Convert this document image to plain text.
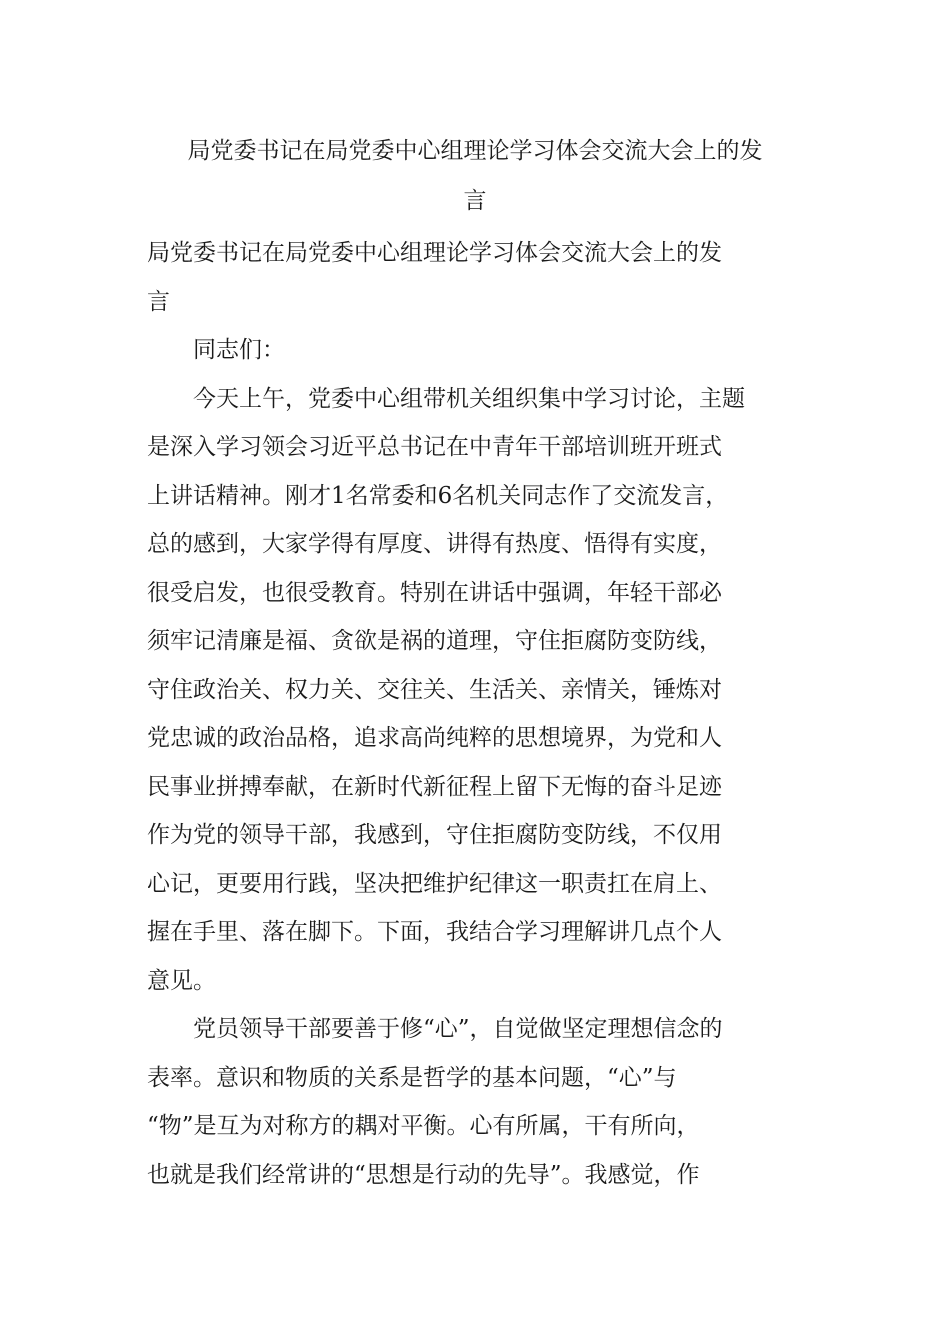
局党委书记在局党委中心组理论学习体会交流大会上的发
言
局党委书记在局党委中心组理论学习体会交流大会上的发
言
同志们：
今天上午，党委中心组带机关组织集中学习讨论，主题
是深入学习领会习近平总书记在中青年干部培训班开班式
上讲话精神。刚才1名常委和6名机关同志作了交流发言，
总的感到，大家学得有厚度、讲得有热度、悟得有实度，
很受启发，也很受教育。特别在讲话中强调，年轻干部必
须牢记清廉是福、贪欲是祸的道理，守住拒腐防变防线，
守住政治关、权力关、交往关、生活关、亲情关，锤炼对
党忠诚的政治品格，追求高尚纯粹的思想境界，为党和人
民事业拼搏奉献，在新时代新征程上留下无悔的奋斗足迹
作为党的领导干部，我感到，守住拒腐防变防线，不仅用
心记，更要用行践，坚决把维护纪律这一职责扛在肩上、
握在手里、落在脚下。下面，我结合学习理解讲几点个人
意见。
党员领导干部要善于修“心”，自觉做坚定理想信念的
表率。意识和物质的关系是哲学的基本问题，“心”与
“物”是互为对称方的耦对平衡。心有所属，干有所向，
也就是我们经常讲的“思想是行动的先导”。我感觉，作
